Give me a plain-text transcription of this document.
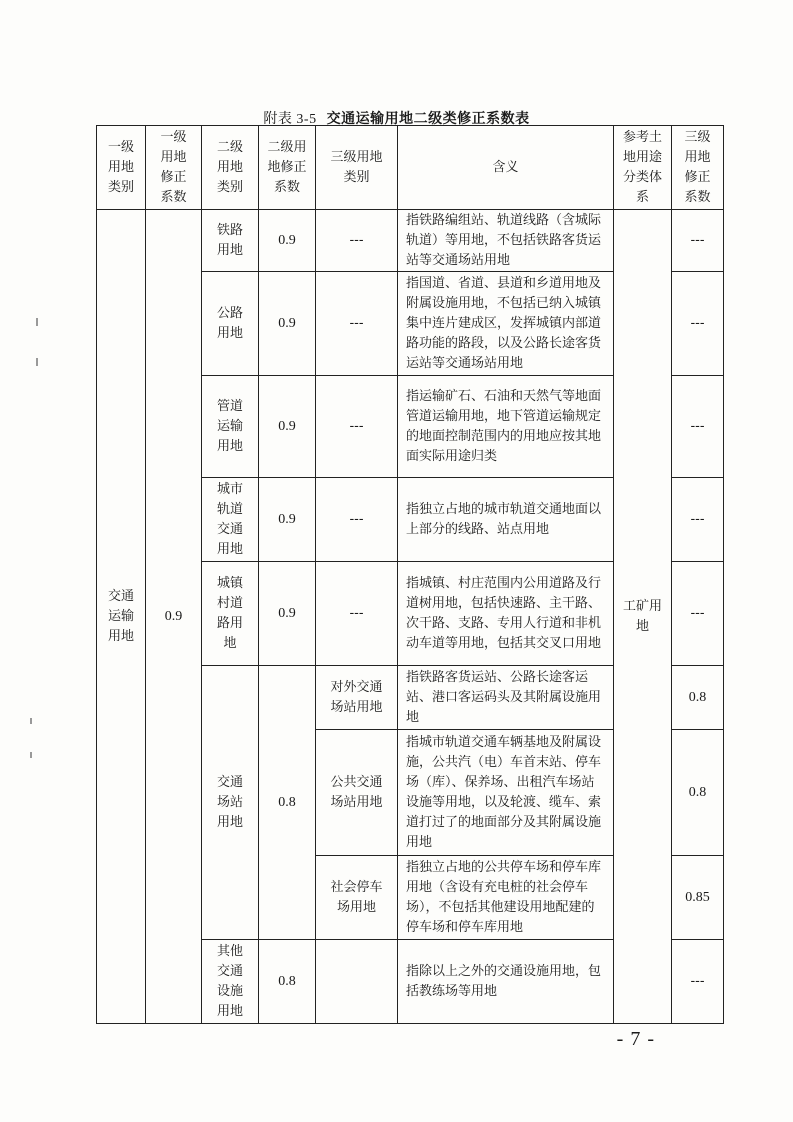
附表 3-5 交通运输用地二级类修正系数表
一级
用地
类别	一级
用地
修正
系数	二级
用地
类别	二级用
地修正
系数	三级用地
类别	含义	参考土
地用途
分类体
系	三级
用地
修正
系数

交通
运输
用地	0.9	铁路
用地	0.9	---	指铁路编组站、轨道线路（含城际轨道）等用地，不包括铁路客货运站等交通场站用地	工矿用
地	---

		公路
用地	0.9	---	指国道、省道、县道和乡道用地及附属设施用地，不包括已纳入城镇集中连片建成区，发挥城镇内部道路功能的路段，以及公路长途客货运站等交通场站用地		---

		管道
运输
用地	0.9	---	指运输矿石、石油和天然气等地面管道运输用地，地下管道运输规定的地面控制范围内的用地应按其地面实际用途归类		---

		城市
轨道
交通
用地	0.9	---	指独立占地的城市轨道交通地面以上部分的线路、站点用地		---

		城镇
村道
路用
地	0.9	---	指城镇、村庄范围内公用道路及行道树用地，包括快速路、主干路、次干路、支路、专用人行道和非机动车道等用地，包括其交叉口用地		---

		交通
场站
用地	0.8	对外交通
场站用地	指铁路客货运站、公路长途客运站、港口客运码头及其附属设施用地		0.8

				公共交通
场站用地	指城市轨道交通车辆基地及附属设施，公共汽（电）车首末站、停车场（库）、保养场、出租汽车场站设施等用地，以及轮渡、缆车、索道打过了的地面部分及其附属设施用地		0.8

				社会停车
场用地	指独立占地的公共停车场和停车库用地（含设有充电桩的社会停车场），不包括其他建设用地配建的停车场和停车库用地		0.85

		其他
交通
设施
用地	0.8		指除以上之外的交通设施用地，包括教练场等用地		---
- 7 -
